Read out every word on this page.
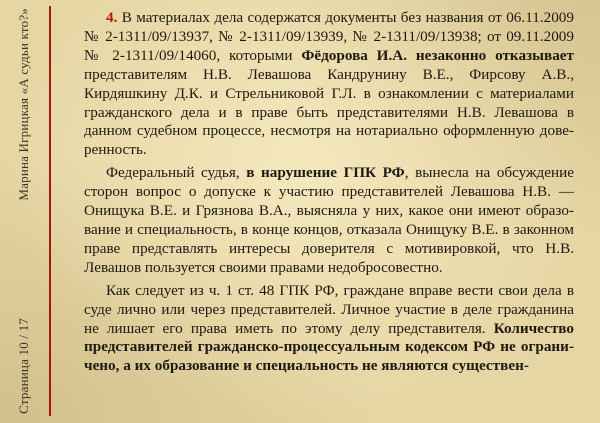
Марина Игрицкая «А судьи кто?»
Страница 10 / 17

4. В материалах дела содержатся документы без названия от 06.11.2009 № 2-1311/09/13937, № 2-1311/09/13939, № 2-1311/09/13938; от 09.11.2009 № 2-1311/09/14060, которыми Фёдорова И.А. незаконно отказывает представителям Н.В. Левашова Кандрунину В.Е., Фирсову А.В., Кирдяшкину Д.К. и Стрельниковой Г.Л. в ознакомлении с материалами гражданского дела и в праве быть представителями Н.В. Левашова в данном судебном процессе, несмотря на нотариально оформленную доверенность.

Федеральный судья, в нарушение ГПК РФ, вынесла на обсуждение сторон вопрос о допуске к участию представителей Левашова Н.В. — Онищука В.Е. и Грязнова В.А., выясняла у них, какое они имеют образование и специальность, в конце концов, отказала Онищуку В.Е. в законном праве представлять интересы доверителя с мотивировкой, что Н.В. Левашов пользуется своими правами недобросовестно.

Как следует из ч. 1 ст. 48 ГПК РФ, граждане вправе вести свои дела в суде лично или через представителей. Личное участие в деле гражданина не лишает его права иметь по этому делу представителя. Количество представителей гражданско-процессуальным кодексом РФ не ограничено, а их образование и специальность не являются существен-
